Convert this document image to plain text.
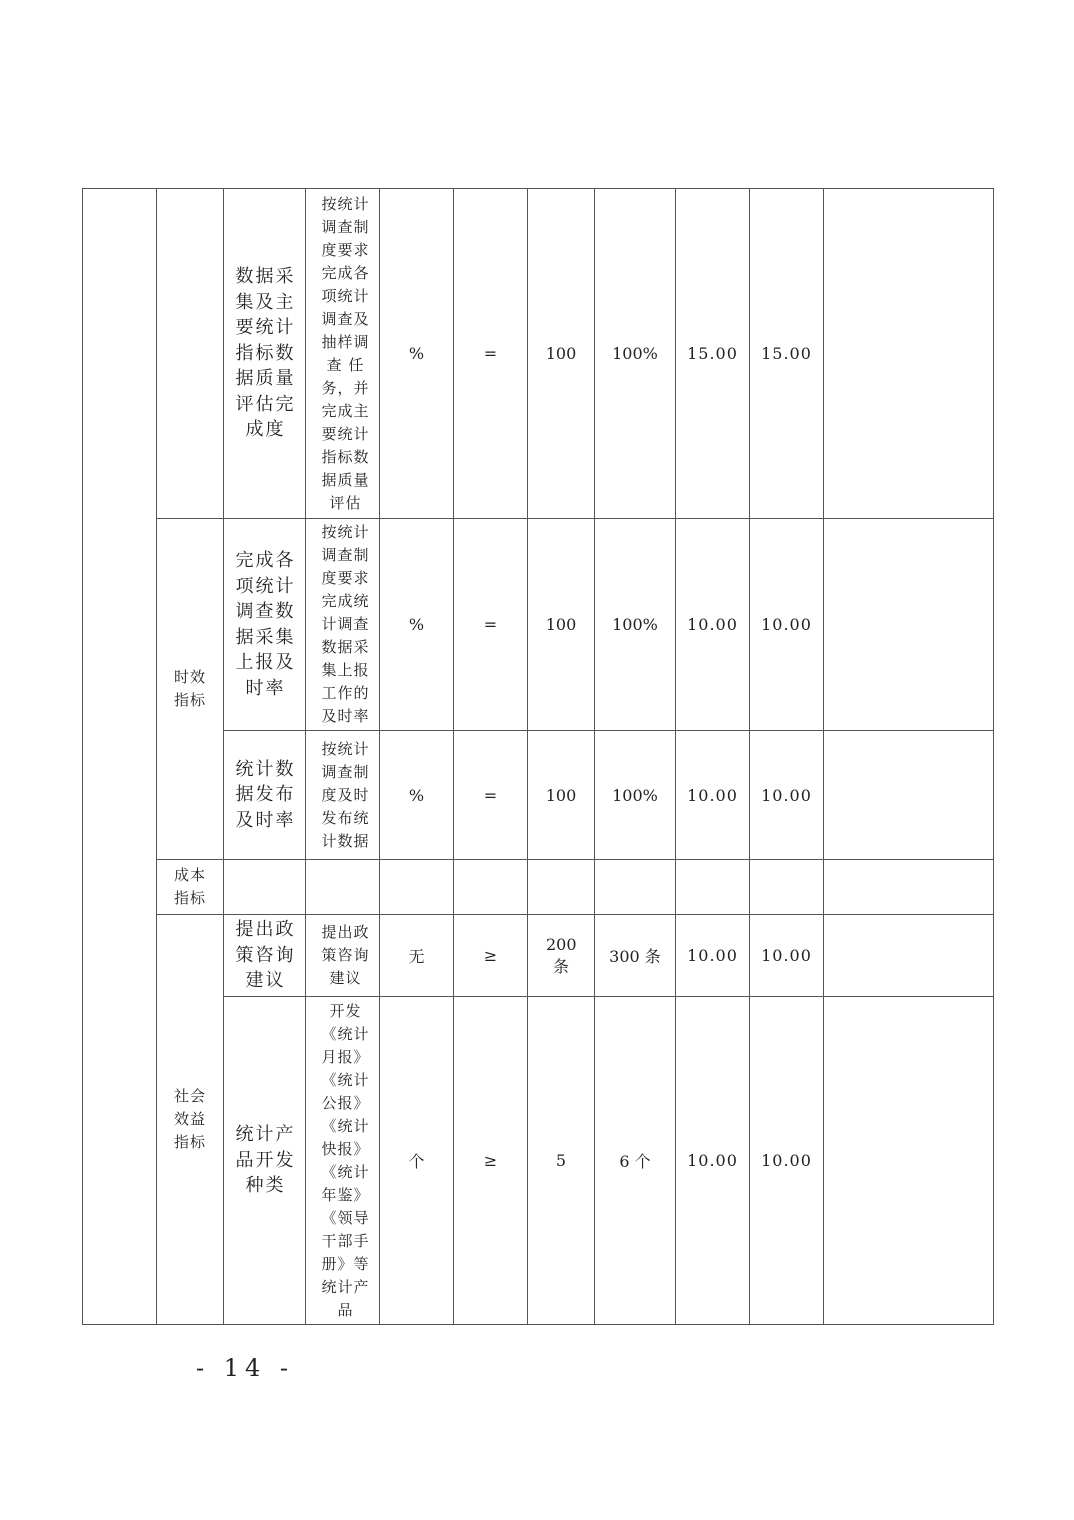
		数据采集及主要统计指标数据质量评估完成度	按统计调查制度要求完成各项统计调查及抽样调查 任务，并完成主要统计指标数据质量评估	%	=	100	100%	15.00	15.00	
	时效指标	完成各项统计调查数据采集上报及时率	按统计调查制度要求完成统计调查数据采集上报工作的及时率	%	=	100	100%	10.00	10.00	
		统计数据发布及时率	按统计调查制度及时发布统计数据	%	=	100	100%	10.00	10.00	
	成本指标									
	社会效益指标	提出政策咨询建议	提出政策咨询建议	无	≥	200条	300 条	10.00	10.00	
		统计产品开发种类	开发《统计月报》《统计公报》《统计快报》《统计年鉴》《领导干部手册》等统计产品	个	≥	5	6 个	10.00	10.00	
- 14 -
